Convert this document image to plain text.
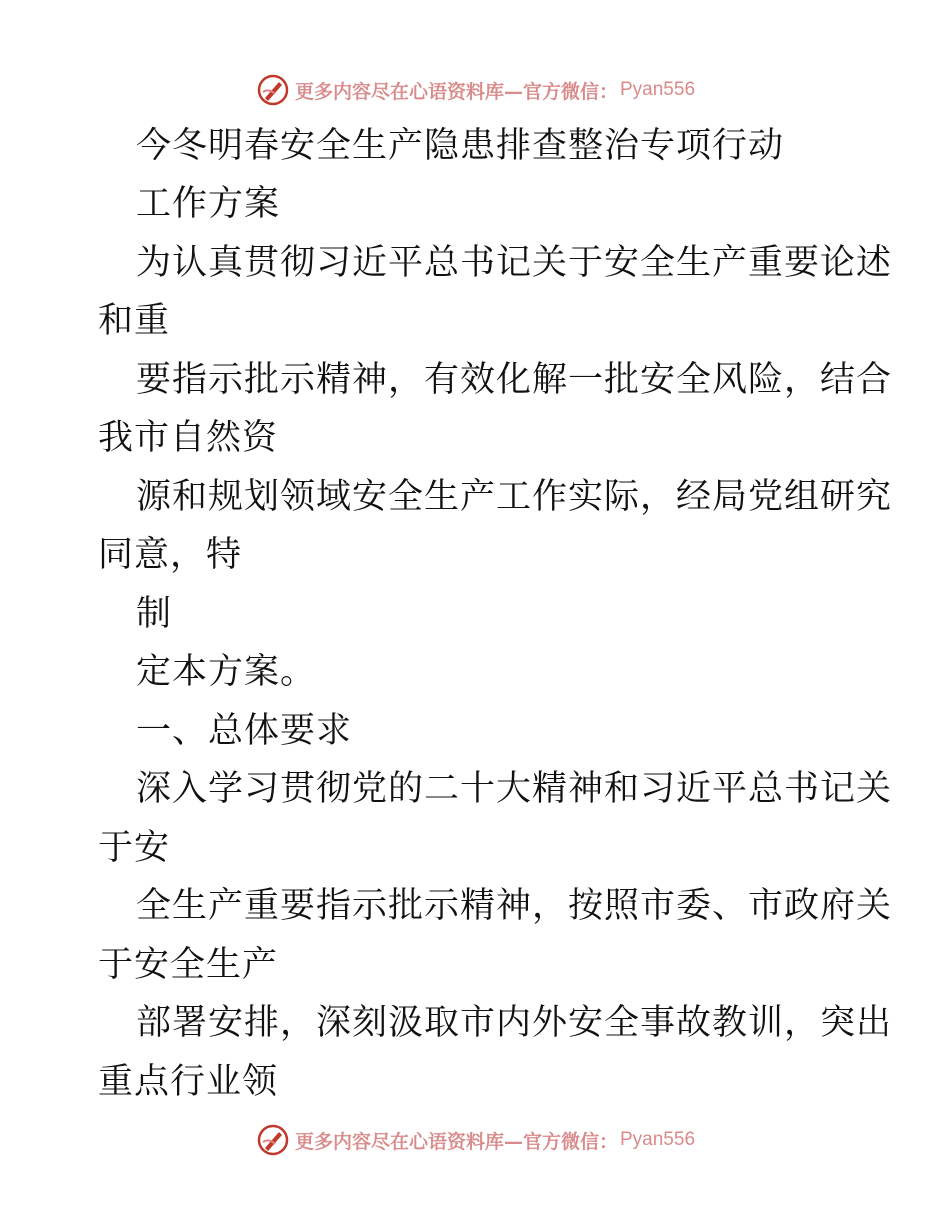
更多内容尽在心语资料库—官方微信： Pyan556
今冬明春安全生产隐患排查整治专项行动
工作方案
为认真贯彻习近平总书记关于安全生产重要论述
和重
要指示批示精神，有效化解一批安全风险，结合
我市自然资
源和规划领域安全生产工作实际，经局党组研究
同意，特
制
定本方案。
一、总体要求
深入学习贯彻党的二十大精神和习近平总书记关
于安
全生产重要指示批示精神，按照市委、市政府关
于安全生产
部署安排，深刻汲取市内外安全事故教训，突出
重点行业领
更多内容尽在心语资料库—官方微信： Pyan556
